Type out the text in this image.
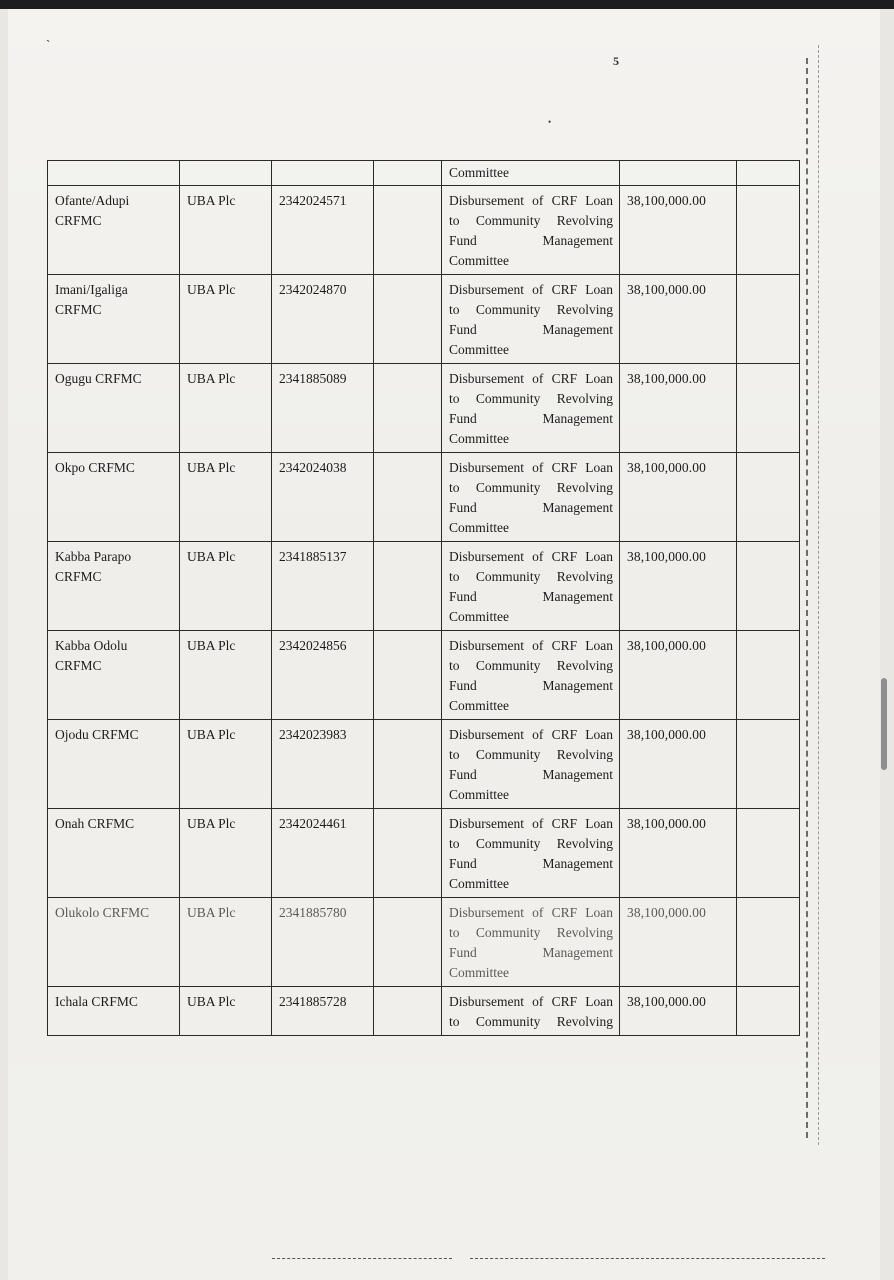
˴
5
•
				Committee		
Ofante/Adupi CRFMC	UBA Plc	2342024571		Disbursement of CRF Loan
to Community Revolving
Fund Management
Committee	38,100,000.00	
Imani/Igaliga CRFMC	UBA Plc	2342024870		Disbursement of CRF Loan
to Community Revolving
Fund Management
Committee	38,100,000.00	
Ogugu CRFMC	UBA Plc	2341885089		Disbursement of CRF Loan
to Community Revolving
Fund Management
Committee	38,100,000.00	
Okpo CRFMC	UBA Plc	2342024038		Disbursement of CRF Loan
to Community Revolving
Fund Management
Committee	38,100,000.00	
Kabba Parapo CRFMC	UBA Plc	2341885137		Disbursement of CRF Loan
to Community Revolving
Fund Management
Committee	38,100,000.00	
Kabba Odolu CRFMC	UBA Plc	2342024856		Disbursement of CRF Loan
to Community Revolving
Fund Management
Committee	38,100,000.00	
Ojodu CRFMC	UBA Plc	2342023983		Disbursement of CRF Loan
to Community Revolving
Fund Management
Committee	38,100,000.00	
Onah CRFMC	UBA Plc	2342024461		Disbursement of CRF Loan
to Community Revolving
Fund Management
Committee	38,100,000.00	
Olukolo CRFMC	UBA Plc	2341885780		Disbursement of CRF Loan
to Community Revolving
Fund Management
Committee	38,100,000.00	
Ichala CRFMC	UBA Plc	2341885728		Disbursement of CRF Loan
to Community Revolving	38,100,000.00	
